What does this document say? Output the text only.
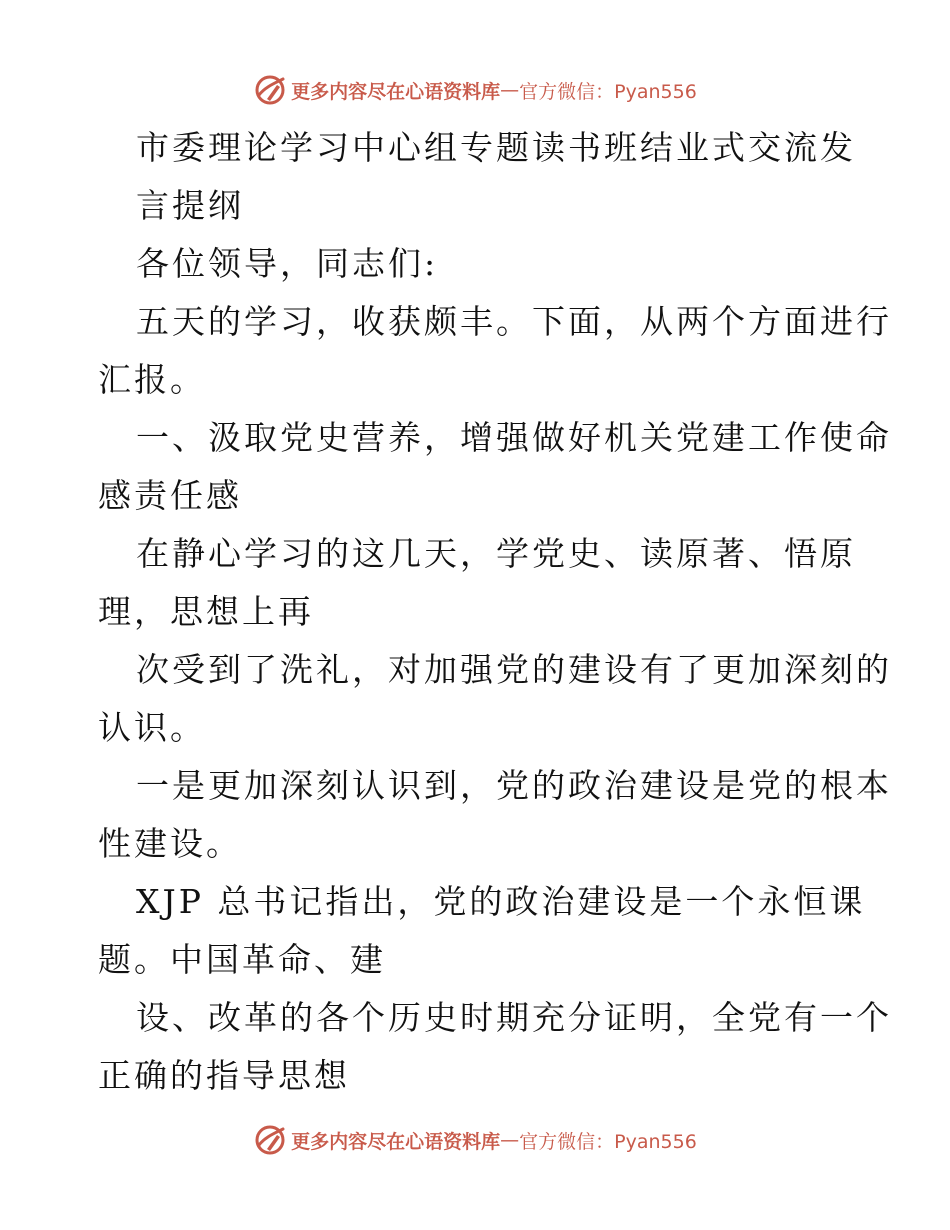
更多内容尽在心语资料库 — 官方微信：Pyan556
市委理论学习中心组专题读书班结业式交流发
言提纲
各位领导，同志们:
五天的学习，收获颇丰。下面，从两个方面进行
汇报。
一、汲取党史营养，增强做好机关党建工作使命
感责任感
在静心学习的这几天，学党史、读原著、悟原
理，思想上再
次受到了洗礼，对加强党的建设有了更加深刻的
认识。
一是更加深刻认识到，党的政治建设是党的根本
性建设。
XJP 总书记指出，党的政治建设是一个永恒课
题。中国革命、建
设、改革的各个历史时期充分证明，全党有一个
正确的指导思想
更多内容尽在心语资料库 — 官方微信：Pyan556
